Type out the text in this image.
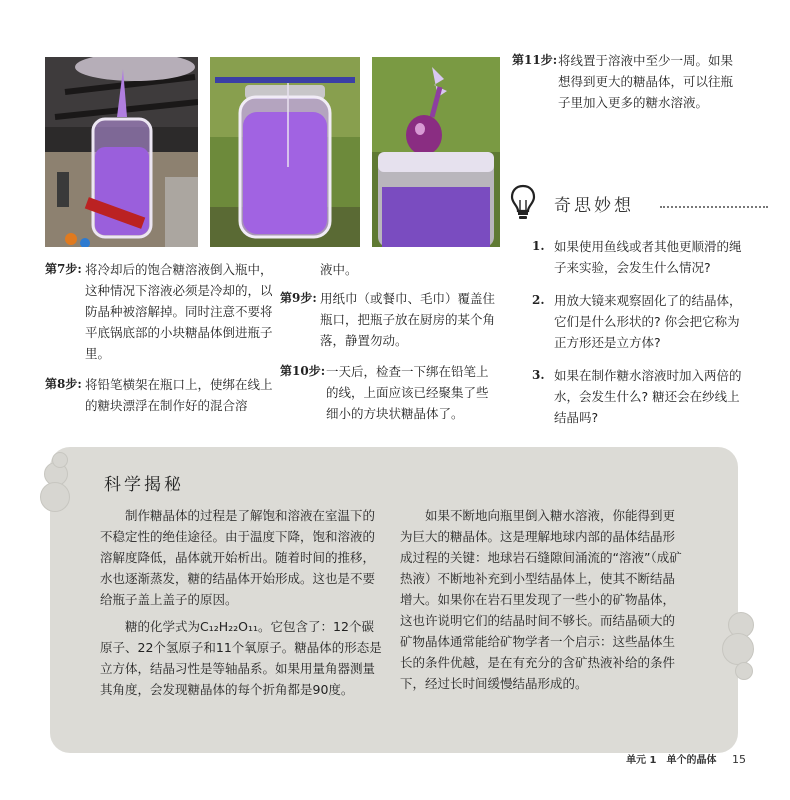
第7步: 将冷却后的饱合糖溶液倒入瓶中，这种情况下溶液必须是冷却的，以防晶种被溶解掉。同时注意不要将平底锅底部的小块糖晶体倒进瓶子里。

第8步: 将铅笔横架在瓶口上，使绑在线上的糖块漂浮在制作好的混合溶

液中。

第9步: 用纸巾（或餐巾、毛巾）覆盖住瓶口，把瓶子放在厨房的某个角落，静置勿动。

第10步: 一天后，检查一下绑在铅笔上的线，上面应该已经聚集了些细小的方块状糖晶体了。

第11步: 将线置于溶液中至少一周。如果想得到更大的糖晶体，可以往瓶子里加入更多的糖水溶液。

奇思妙想
1. 如果使用鱼线或者其他更顺滑的绳子来实验，会发生什么情况?
2. 用放大镜来观察固化了的结晶体，它们是什么形状的? 你会把它称为正方形还是立方体?
3. 如果在制作糖水溶液时加入两倍的水，会发生什么? 糖还会在纱线上结晶吗?
科学揭秘

制作糖晶体的过程是了解饱和溶液在室温下的不稳定性的绝佳途径。由于温度下降，饱和溶液的溶解度降低，晶体就开始析出。随着时间的推移，水也逐渐蒸发，糖的结晶体开始形成。这也是不要给瓶子盖上盖子的原因。

糖的化学式为C₁₂H₂₂O₁₁。它包含了：12个碳原子、22个氢原子和11个氧原子。糖晶体的形态是立方体，结晶习性是等轴晶系。如果用量角器测量其角度，会发现糖晶体的每个折角都是90度。

如果不断地向瓶里倒入糖水溶液，你能得到更为巨大的糖晶体。这是理解地球内部的晶体结晶形成过程的关键：地球岩石缝隙间涌流的“溶液”（成矿热液）不断地补充到小型结晶体上，使其不断结晶增大。如果你在岩石里发现了一些小的矿物晶体，这也许说明它们的结晶时间不够长。而结晶硕大的矿物晶体通常能给矿物学者一个启示：这些晶体生长的条件优越，是在有充分的含矿热液补给的条件下，经过长时间缓慢结晶形成的。

单元 1　单个的晶体 15
